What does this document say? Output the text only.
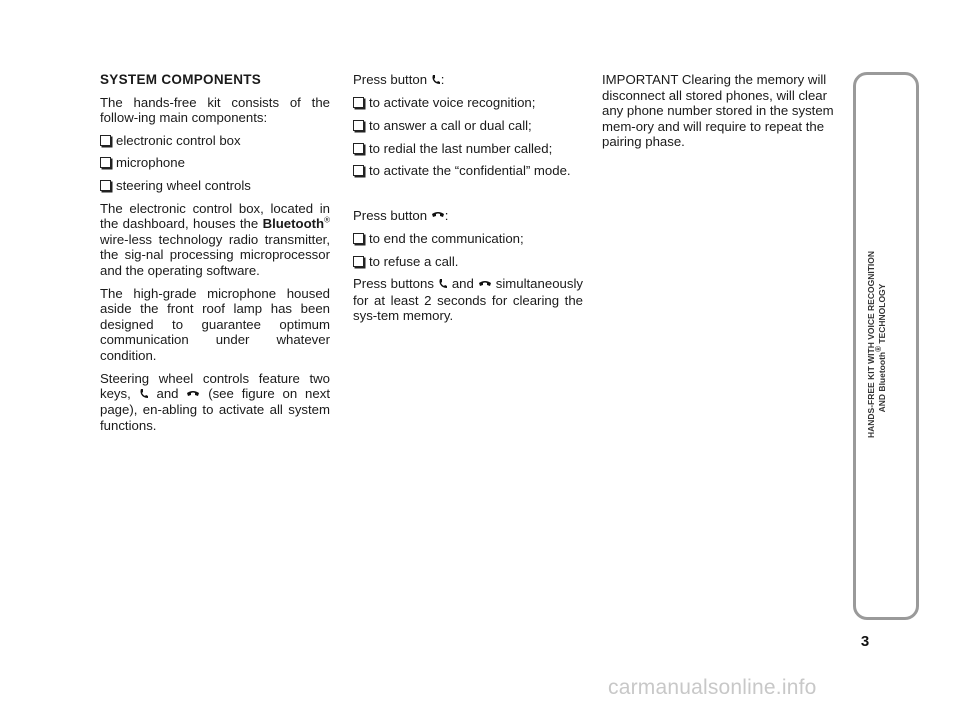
SYSTEM COMPONENTS

The hands-free kit consists of the follow-ing main components:

electronic control box

microphone

steering wheel controls

The electronic control box, located in the dashboard, houses the Bluetooth® wire-less technology radio transmitter, the sig-nal processing microprocessor and the operating software.

The high-grade microphone housed aside the front roof lamp has been designed to guarantee optimum communication under whatever condition.

Steering wheel controls feature two keys,  and  (see figure on next page), en-abling to activate all system functions.

Press button :

to activate voice recognition;

to answer a call or dual call;

to redial the last number called;

to activate the “confidential” mode.

Press button :

to end the communication;

to refuse a call.

Press buttons and simultaneously for at least 2 seconds for clearing the sys-tem memory.

IMPORTANT Clearing the memory will disconnect all stored phones, will clear any phone number stored in the system mem-ory and will require to repeat the pairing phase.

HANDS-FREE KIT WITH VOICE RECOGNITION AND Bluetooth® TECHNOLOGY
3
carmanualsonline.info
